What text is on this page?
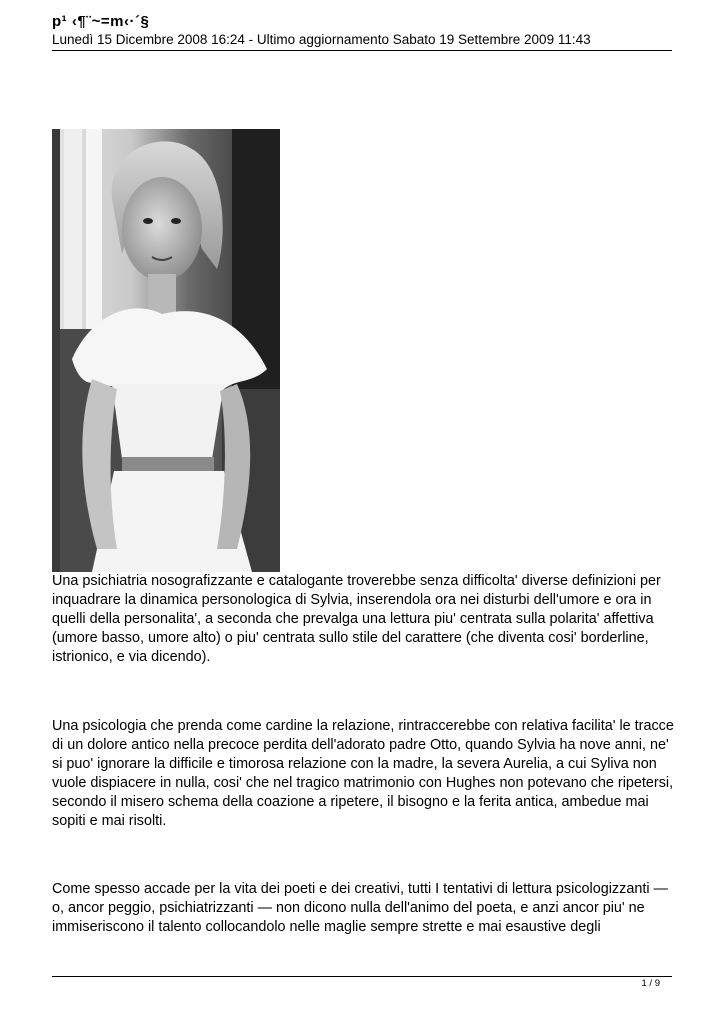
p¹ ‹¶¨~=m‹·´§
Lunedì 15 Dicembre 2008 16:24 - Ultimo aggiornamento Sabato 19 Settembre 2009 11:43

Una psichiatria nosografizzante e catalogante troverebbe senza difficolta' diverse definizioni per inquadrare la dinamica personologica di Sylvia, inserendola ora nei disturbi dell'umore e ora in quelli della personalita', a seconda che prevalga una lettura piu' centrata sulla polarita' affettiva (umore basso, umore alto) o piu' centrata sullo stile del carattere (che diventa cosi' borderline, istrionico, e via dicendo).

Una psicologia che prenda come cardine la relazione, rintraccerebbe con relativa facilita' le tracce di un dolore antico nella precoce perdita dell'adorato padre Otto, quando Sylvia ha nove anni, ne' si puo' ignorare la difficile e timorosa relazione con la madre, la severa Aurelia, a cui Syliva non vuole dispiacere in nulla, cosi' che nel tragico matrimonio con Hughes non potevano che ripetersi, secondo il misero schema della coazione a ripetere, il bisogno e la ferita antica, ambedue mai sopiti e mai risolti.

Come spesso accade per la vita dei poeti e dei creativi, tutti I tentativi di lettura psicologizzanti — o, ancor peggio, psichiatrizzanti — non dicono nulla dell'animo del poeta, e anzi ancor piu' ne immiseriscono il talento collocandolo nelle maglie sempre strette e mai esaustive degli

1 / 9
